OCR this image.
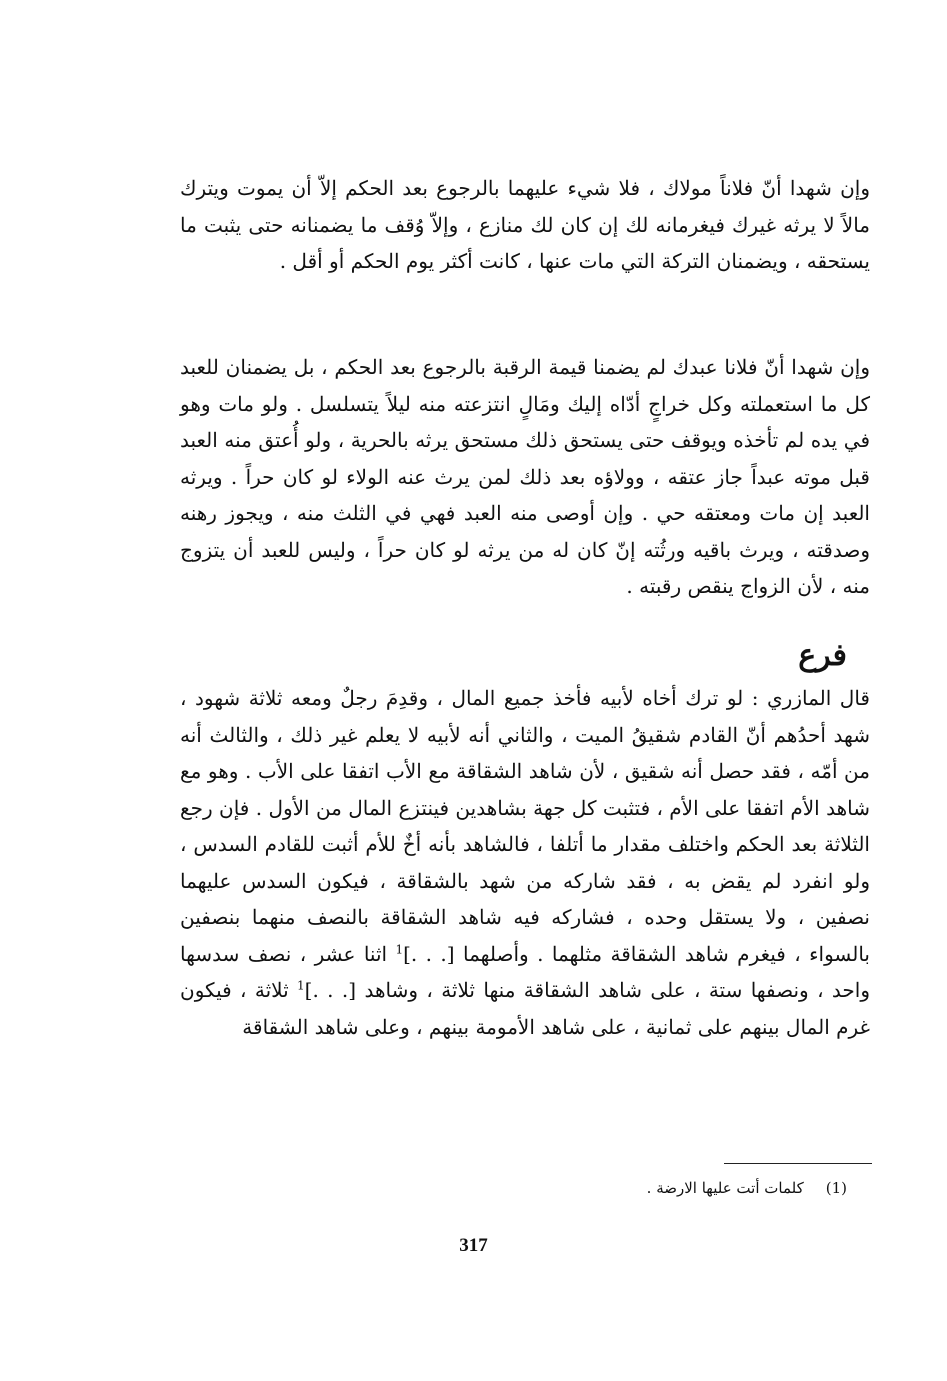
وإن شهدا أنّ فلاناً مولاك ، فلا شيء عليهما بالرجوع بعد الحكم إلاّ أن يموت ويترك مالاً لا يرثه غيرك فيغرمانه لك إن كان لك منازع ، وإلاّ وُقف ما يضمنانه حتى يثبت ما يستحقه ، ويضمنان التركة التي مات عنها ، كانت أكثر يوم الحكم أو أقل .

وإن شهدا أنّ فلانا عبدك لم يضمنا قيمة الرقبة بالرجوع بعد الحكم ، بل يضمنان للعبد كل ما استعملته وكل خراجٍ أدّاه إليك ومَالٍ انتزعته منه ليلاً يتسلسل . ولو مات وهو في يده لم تأخذه ويوقف حتى يستحق ذلك مستحق يرثه بالحرية ، ولو أُعتق منه العبد قبل موته عبداً جاز عتقه ، وولاؤه بعد ذلك لمن يرث عنه الولاء لو كان حراً . ويرثه العبد إن مات ومعتقه حي . وإن أوصى منه العبد فهي في الثلث منه ، ويجوز رهنه وصدقته ، ويرث باقيه ورثُته إنّ كان له من يرثه لو كان حراً ، وليس للعبد أن يتزوج منه ، لأن الزواج ينقص رقبته .

فرع

قال المازري : لو ترك أخاه لأبيه فأخذ جميع المال ، وقدِمَ رجلٌ ومعه ثلاثة شهود ، شهد أحدُهم أنّ القادم شقيقُ الميت ، والثاني أنه لأبيه لا يعلم غير ذلك ، والثالث أنه من أمّه ، فقد حصل أنه شقيق ، لأن شاهد الشقاقة مع الأب اتفقا على الأب . وهو مع شاهد الأم اتفقا على الأم ، فتثبت كل جهة بشاهدين فينتزع المال من الأول . فإن رجع الثلاثة بعد الحكم واختلف مقدار ما أتلفا ، فالشاهد بأنه أخٌ للأم أثبت للقادم السدس ، ولو انفرد لم يقض به ، فقد شاركه من شهد بالشقاقة ، فيكون السدس عليهما نصفين ، ولا يستقل وحده ، فشاركه فيه شاهد الشقاقة بالنصف منهما بنصفين بالسواء ، فيغرم شاهد الشقاقة مثلهما . وأصلهما [. . .]$^1$ اثنا عشر ، نصف سدسها واحد ، ونصفها ستة ، على شاهد الشقاقة منها ثلاثة ، وشاهد [. . .]$^1$ ثلاثة ، فيكون غرم المال بينهم على ثمانية ، على شاهد الأمومة بينهم ، وعلى شاهد الشقاقة

(1)كلمات أتت عليها الارضة .

317
